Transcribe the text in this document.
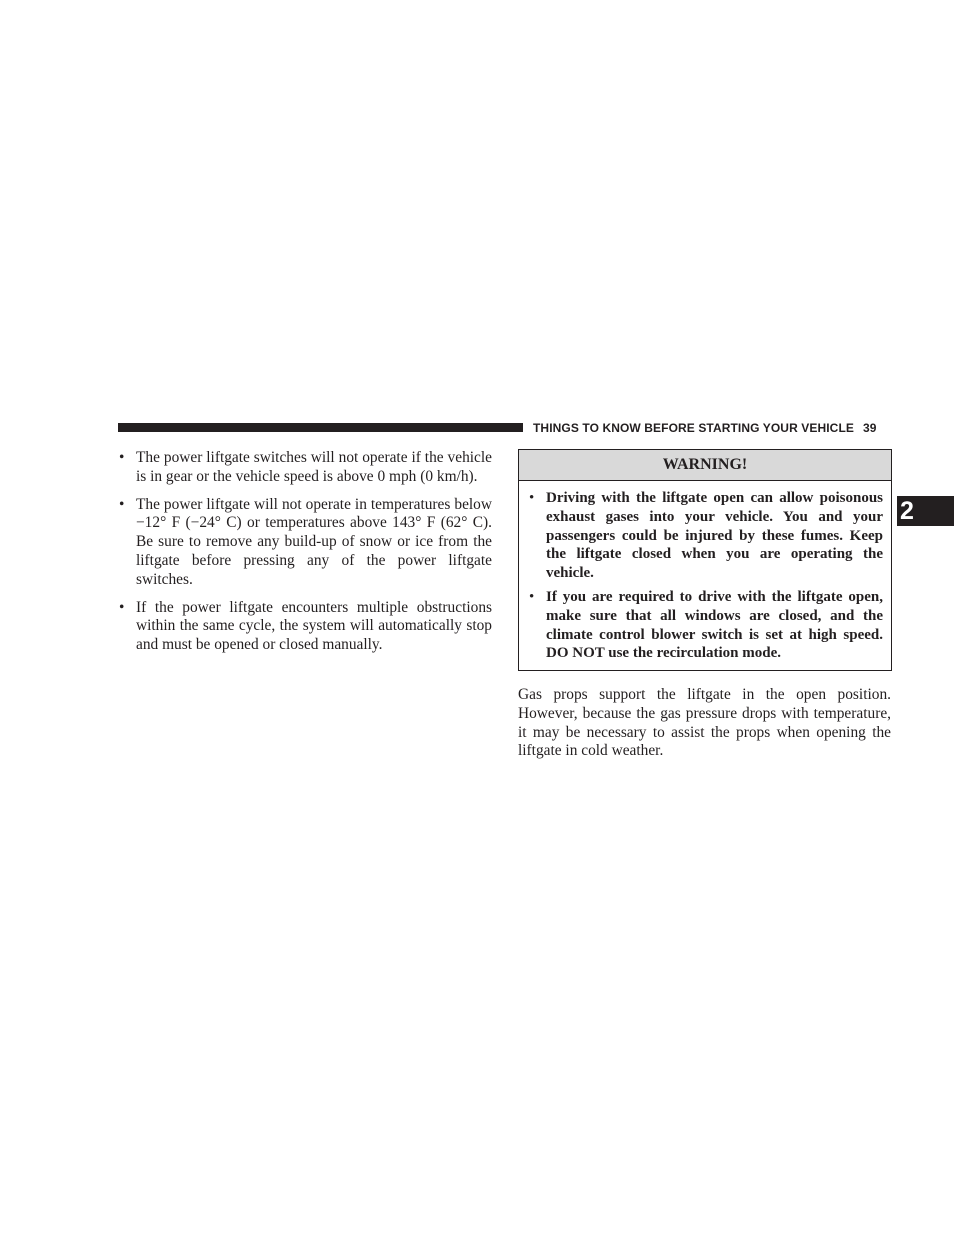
THINGS TO KNOW BEFORE STARTING YOUR VEHICLE 39
2
• The power liftgate switches will not operate if the vehicle is in gear or the vehicle speed is above 0 mph (0 km/h).
• The power liftgate will not operate in temperatures below −12° F (−24° C) or temperatures above 143° F (62° C). Be sure to remove any build-up of snow or ice from the liftgate before pressing any of the power liftgate switches.
• If the power liftgate encounters multiple obstructions within the same cycle, the system will automatically stop and must be opened or closed manually.
WARNING!
• Driving with the liftgate open can allow poisonous exhaust gases into your vehicle. You and your passengers could be injured by these fumes. Keep the liftgate closed when you are operating the vehicle.
• If you are required to drive with the liftgate open, make sure that all windows are closed, and the climate control blower switch is set at high speed. DO NOT use the recirculation mode.

Gas props support the liftgate in the open position. However, because the gas pressure drops with temperature, it may be necessary to assist the props when opening the liftgate in cold weather.
